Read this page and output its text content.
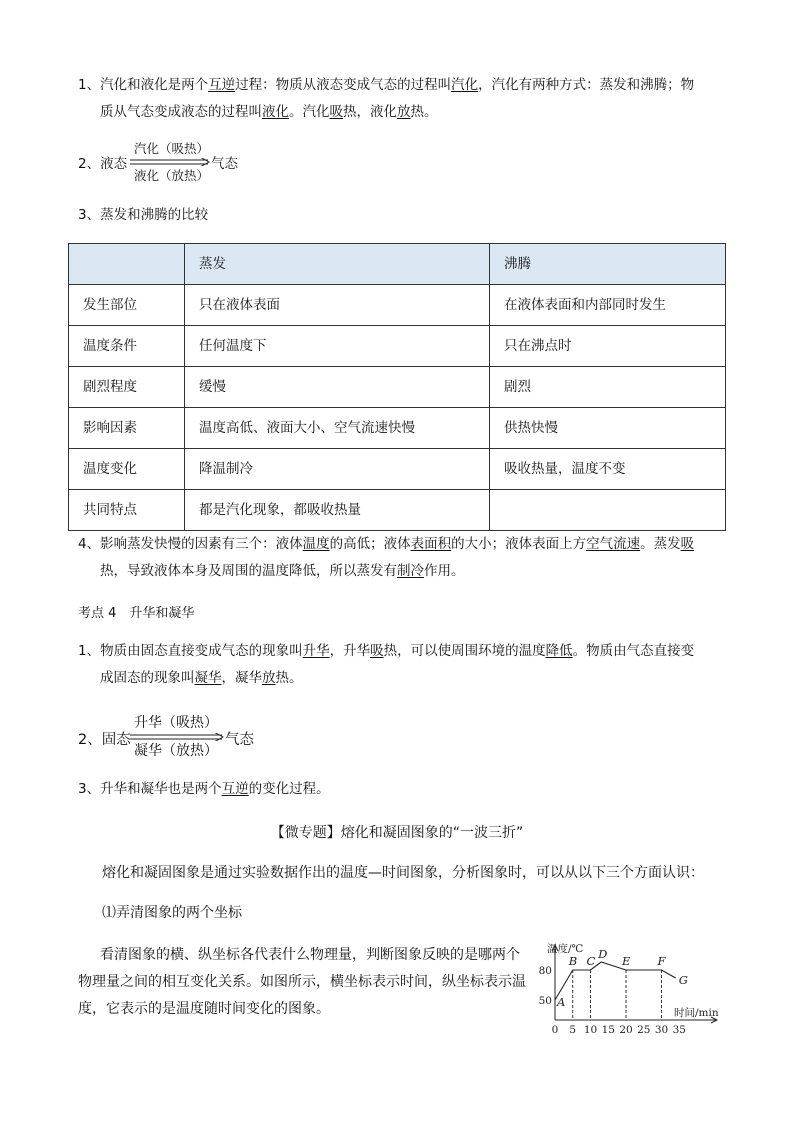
1、汽化和液化是两个互逆过程：物质从液态变成气态的过程叫汽化，汽化有两种方式：蒸发和沸腾；物
质从气态变成液态的过程叫液化。汽化吸热，液化放热。
2、液态
汽化（吸热）
液化（放热）
气态
3、蒸发和沸腾的比较
	蒸发	沸腾
发生部位	只在液体表面	在液体表面和内部同时发生
温度条件	任何温度下	只在沸点时
剧烈程度	缓慢	剧烈
影响因素	温度高低、液面大小、空气流速快慢	供热快慢
温度变化	降温制冷	吸收热量，温度不变
共同特点	都是汽化现象，都吸收热量	
4、影响蒸发快慢的因素有三个：液体温度的高低；液体表面积的大小；液体表面上方空气流速。蒸发吸
热，导致液体本身及周围的温度降低，所以蒸发有制冷作用。
考点 4　升华和凝华
1、物质由固态直接变成气态的现象叫升华，升华吸热，可以使周围环境的温度降低。物质由气态直接变
成固态的现象叫凝华，凝华放热。
2、固态
升华（吸热）
凝华（放热）
气态
3、升华和凝华也是两个互逆的变化过程。
【微专题】熔化和凝固图象的“一波三折”
熔化和凝固图象是通过实验数据作出的温度—时间图象，分析图象时，可以从以下三个方面认识：
⑴弄清图象的两个坐标
看清图象的横、纵坐标各代表什么物理量，判断图象反映的是哪两个
物理量之间的相互变化关系。如图所示，横坐标表示时间，纵坐标表示温
度，它表示的是温度随时间变化的图象。
温度/℃
时间/min
0 5 10 15 20 25 30 35
50
80
A
B C D E F
G
